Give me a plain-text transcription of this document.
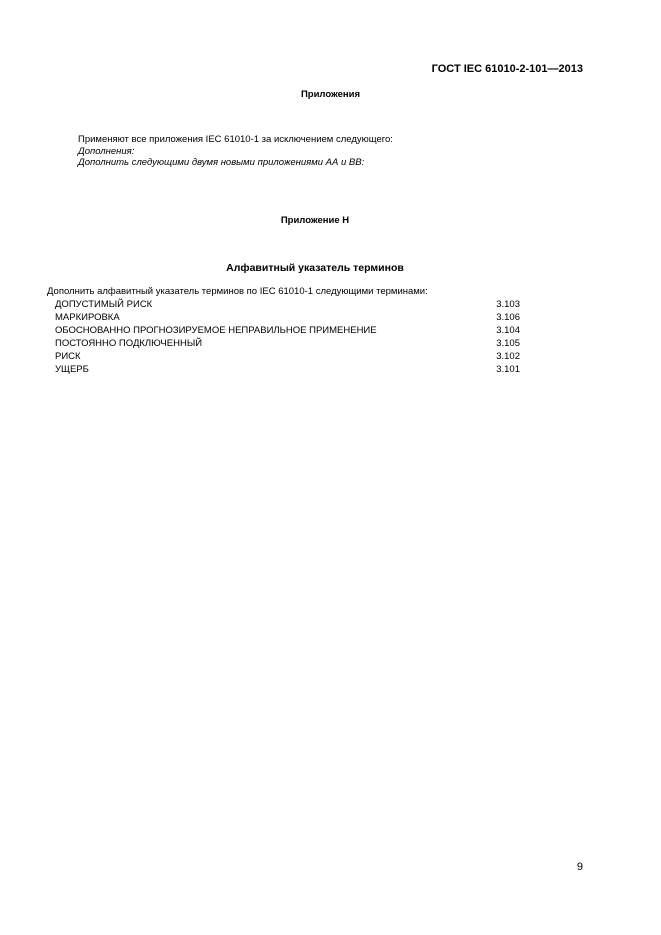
ГОСТ IEC 61010-2-101—2013
Приложения
Применяют все приложения IEC 61010-1 за исключением следующего:
Дополнения:
Дополнить следующими двумя новыми приложениями АА и ВВ:
Приложение Н
Алфавитный указатель терминов
Дополнить алфавитный указатель терминов по IEC 61010-1 следующими терминами:
ДОПУСТИМЫЙ РИСК	3.103
МАРКИРОВКА	3.106
ОБОСНОВАННО ПРОГНОЗИРУЕМОЕ НЕПРАВИЛЬНОЕ ПРИМЕНЕНИЕ	3.104
ПОСТОЯННО ПОДКЛЮЧЕННЫЙ	3.105
РИСК	3.102
УЩЕРБ	3.101
9
